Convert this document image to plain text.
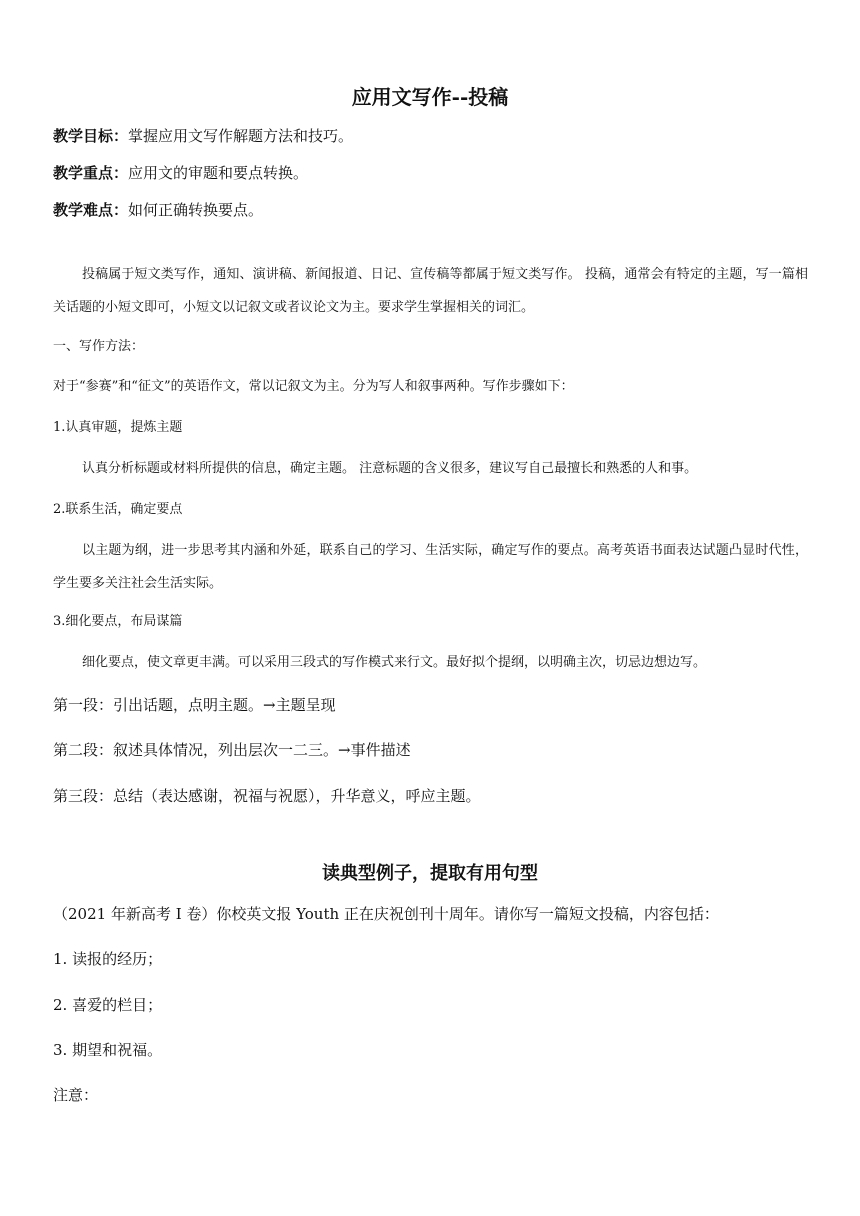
应用文写作--投稿
教学目标：掌握应用文写作解题方法和技巧。
教学重点：应用文的审题和要点转换。
教学难点：如何正确转换要点。
投稿属于短文类写作，通知、演讲稿、新闻报道、日记、宣传稿等都属于短文类写作。 投稿，通常会有特定的主题，写一篇相关话题的小短文即可，小短文以记叙文或者议论文为主。要求学生掌握相关的词汇。
一、写作方法：
对于“参赛”和“征文”的英语作文，常以记叙文为主。分为写人和叙事两种。写作步骤如下：
1.认真审题，提炼主题
认真分析标题或材料所提供的信息，确定主题。 注意标题的含义很多，建议写自己最擅长和熟悉的人和事。
2.联系生活，确定要点
以主题为纲，进一步思考其内涵和外延，联系自己的学习、生活实际，确定写作的要点。高考英语书面表达试题凸显时代性，学生要多关注社会生活实际。
3.细化要点，布局谋篇
细化要点，使文章更丰满。可以采用三段式的写作模式来行文。最好拟个提纲，以明确主次，切忌边想边写。
第一段：引出话题，点明主题。→主题呈现
第二段：叙述具体情况，列出层次一二三。→事件描述
第三段：总结（表达感谢，祝福与祝愿），升华意义，呼应主题。
读典型例子，提取有用句型
（2021 年新高考 I 卷）你校英文报 Youth 正在庆祝创刊十周年。请你写一篇短文投稿，内容包括：
1. 读报的经历；
2. 喜爱的栏目；
3. 期望和祝福。
注意：
